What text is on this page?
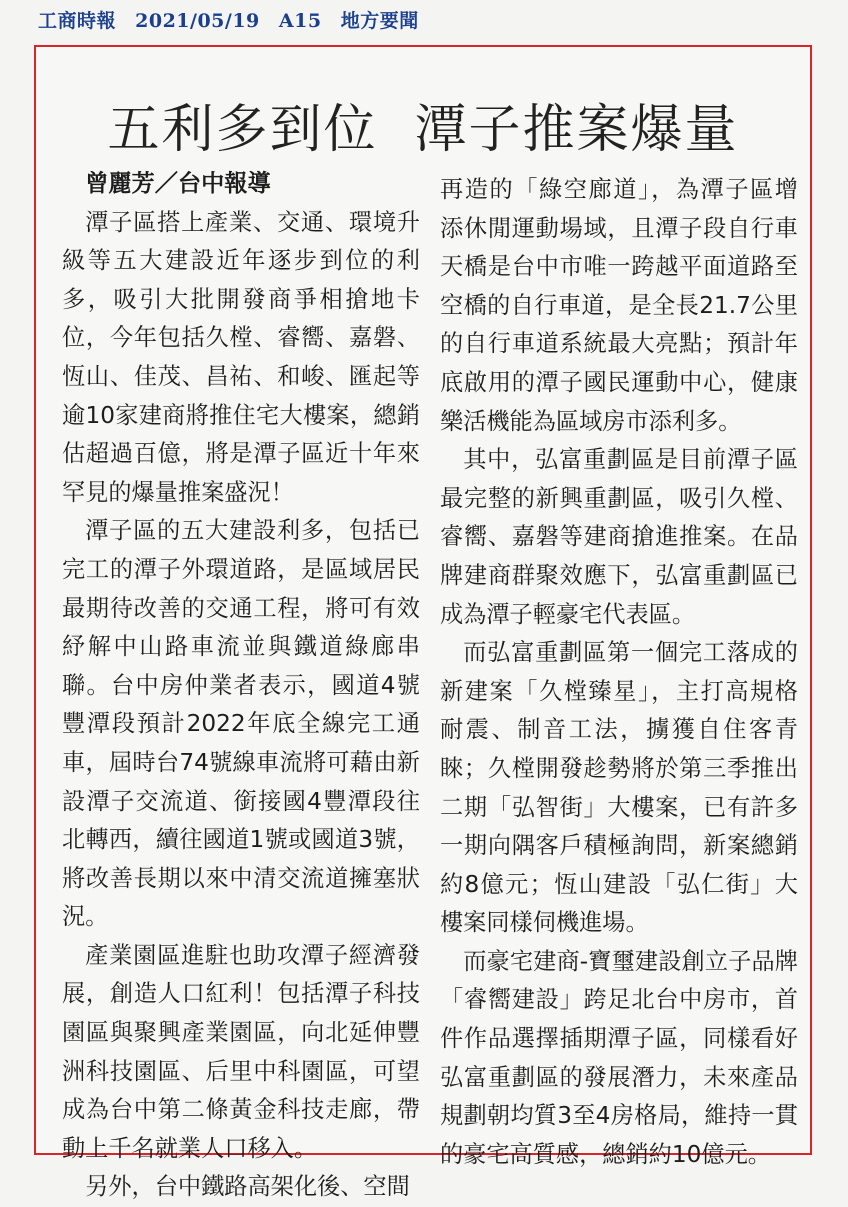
工商時報 2021/05/19 A15 地方要聞
五利多到位  潭子推案爆量

曾麗芳／台中報導

潭子區搭上產業、交通、環境升級等五大建設近年逐步到位的利多，吸引大批開發商爭相搶地卡位，今年包括久樘、睿嚮、嘉磐、恆山、佳茂、昌祐、和峻、匯起等逾10家建商將推住宅大樓案，總銷估超過百億，將是潭子區近十年來罕見的爆量推案盛況！

潭子區的五大建設利多，包括已完工的潭子外環道路，是區域居民最期待改善的交通工程，將可有效紓解中山路車流並與鐵道綠廊串聯。台中房仲業者表示，國道4號豐潭段預計2022年底全線完工通車，屆時台74號線車流將可藉由新設潭子交流道、銜接國4豐潭段往北轉西，續往國道1號或國道3號，將改善長期以來中清交流道擁塞狀況。

產業園區進駐也助攻潭子經濟發展，創造人口紅利！包括潭子科技園區與聚興產業園區，向北延伸豐洲科技園區、后里中科園區，可望成為台中第二條黃金科技走廊，帶動上千名就業人口移入。

另外，台中鐵路高架化後、空間

再造的「綠空廊道」，為潭子區增添休閒運動場域，且潭子段自行車天橋是台中市唯一跨越平面道路至空橋的自行車道，是全長21.7公里的自行車道系統最大亮點；預計年底啟用的潭子國民運動中心，健康樂活機能為區域房市添利多。

其中，弘富重劃區是目前潭子區最完整的新興重劃區，吸引久樘、睿嚮、嘉磐等建商搶進推案。在品牌建商群聚效應下，弘富重劃區已成為潭子輕豪宅代表區。

而弘富重劃區第一個完工落成的新建案「久樘臻星」，主打高規格耐震、制音工法，擄獲自住客青睞；久樘開發趁勢將於第三季推出二期「弘智街」大樓案，已有許多一期向隅客戶積極詢問，新案總銷約8億元；恆山建設「弘仁街」大樓案同樣伺機進場。

而豪宅建商-寶璽建設創立子品牌「睿嚮建設」跨足北台中房市，首件作品選擇插期潭子區，同樣看好弘富重劃區的發展潛力，未來產品規劃朝均質3至4房格局，維持一貫的豪宅高質感，總銷約10億元。
